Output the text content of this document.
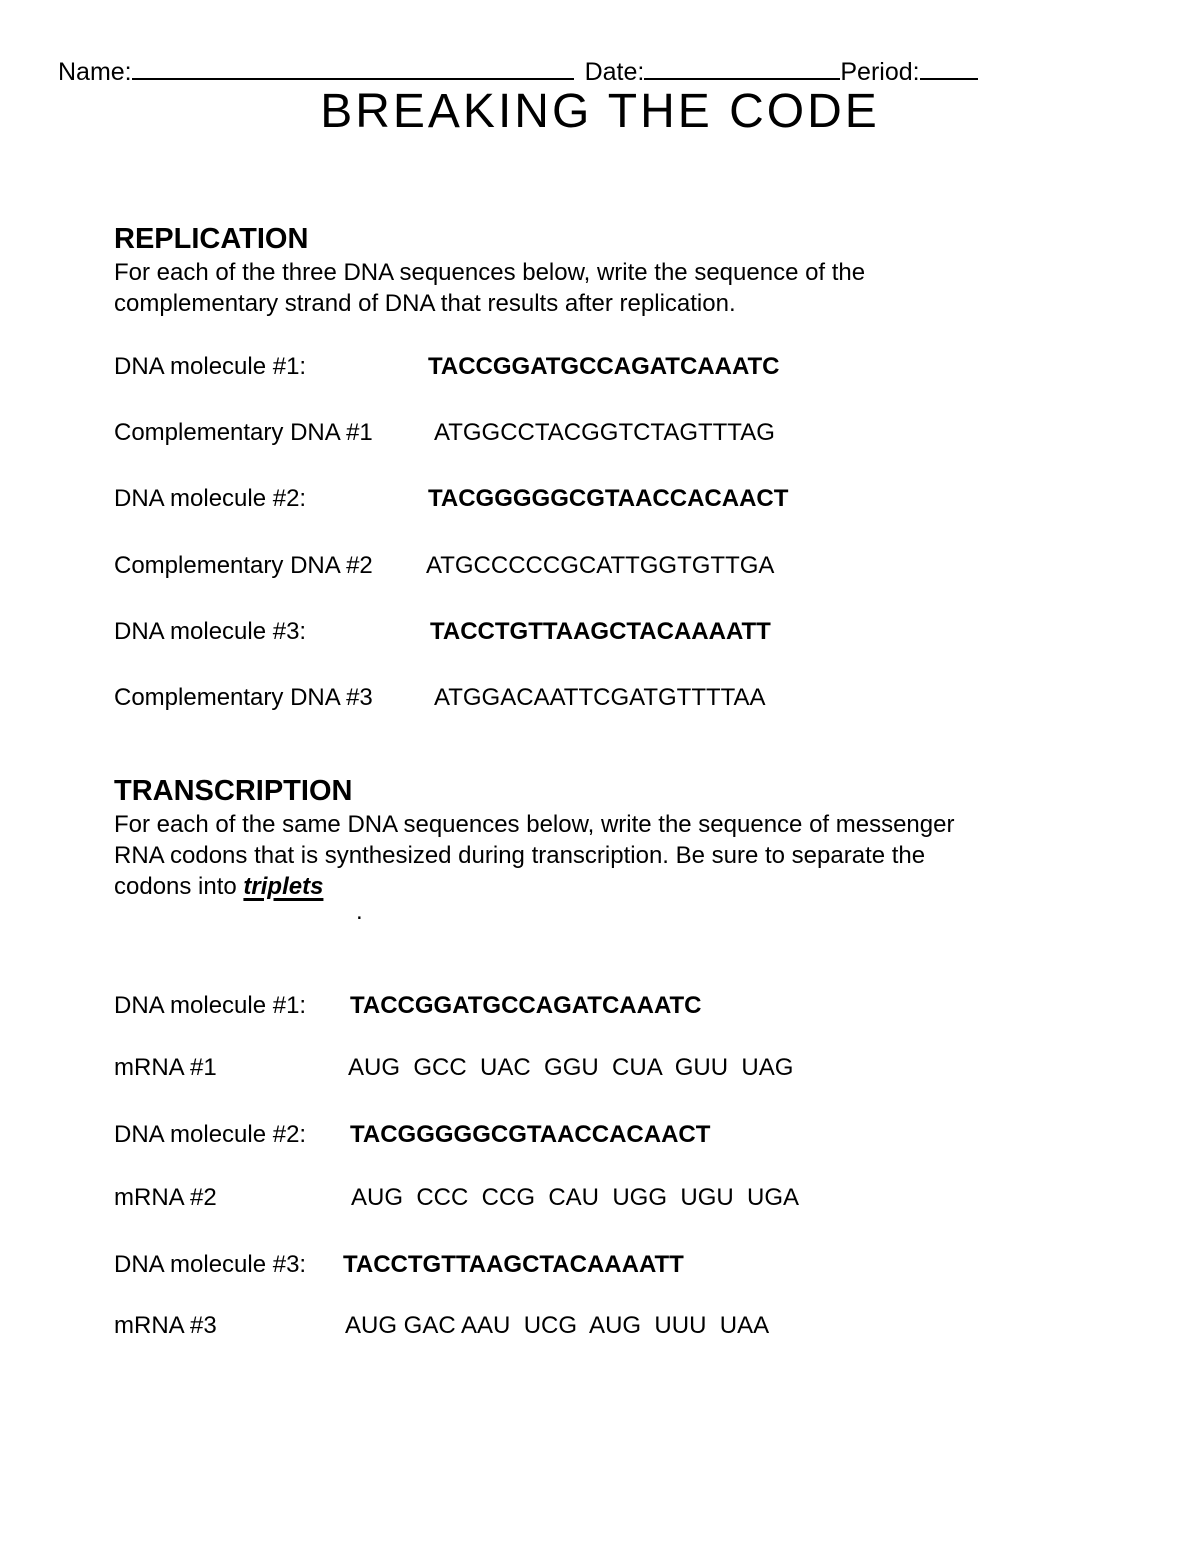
Name:	Date:	Period:
BREAKING THE CODE
REPLICATION
For each of the three DNA sequences below, write the sequence of the
complementary strand of DNA that results after replication.
DNA molecule #1:	TACCGGATGCCAGATCAAATC
Complementary DNA #1	ATGGCCTACGGTCTAGTTTAG
DNA molecule #2:	TACGGGGGCGTAACCACAACT
Complementary DNA #2 ATGCCCCCGCATTGGTGTTGA
DNA molecule #3:	TACCTGTTAAGCTACAAAATT
Complementary DNA #3	ATGGACAATTCGATGTTTTAA
TRANSCRIPTION
For each of the same DNA sequences below, write the sequence of messenger
RNA codons that is synthesized during transcription. Be sure to separate the
codons into triplets
.
DNA molecule #1: TACCGGATGCCAGATCAAATC
mRNA #1	AUG  GCC  UAC  GGU  CUA  GUU  UAG
DNA molecule #2: TACGGGGGCGTAACCACAACT
mRNA #2	AUG  CCC  CCG  CAU  UGG  UGU  UGA
DNA molecule #3: TACCTGTTAAGCTACAAAATT
mRNA #3	AUG GAC AAU  UCG  AUG  UUU  UAA
